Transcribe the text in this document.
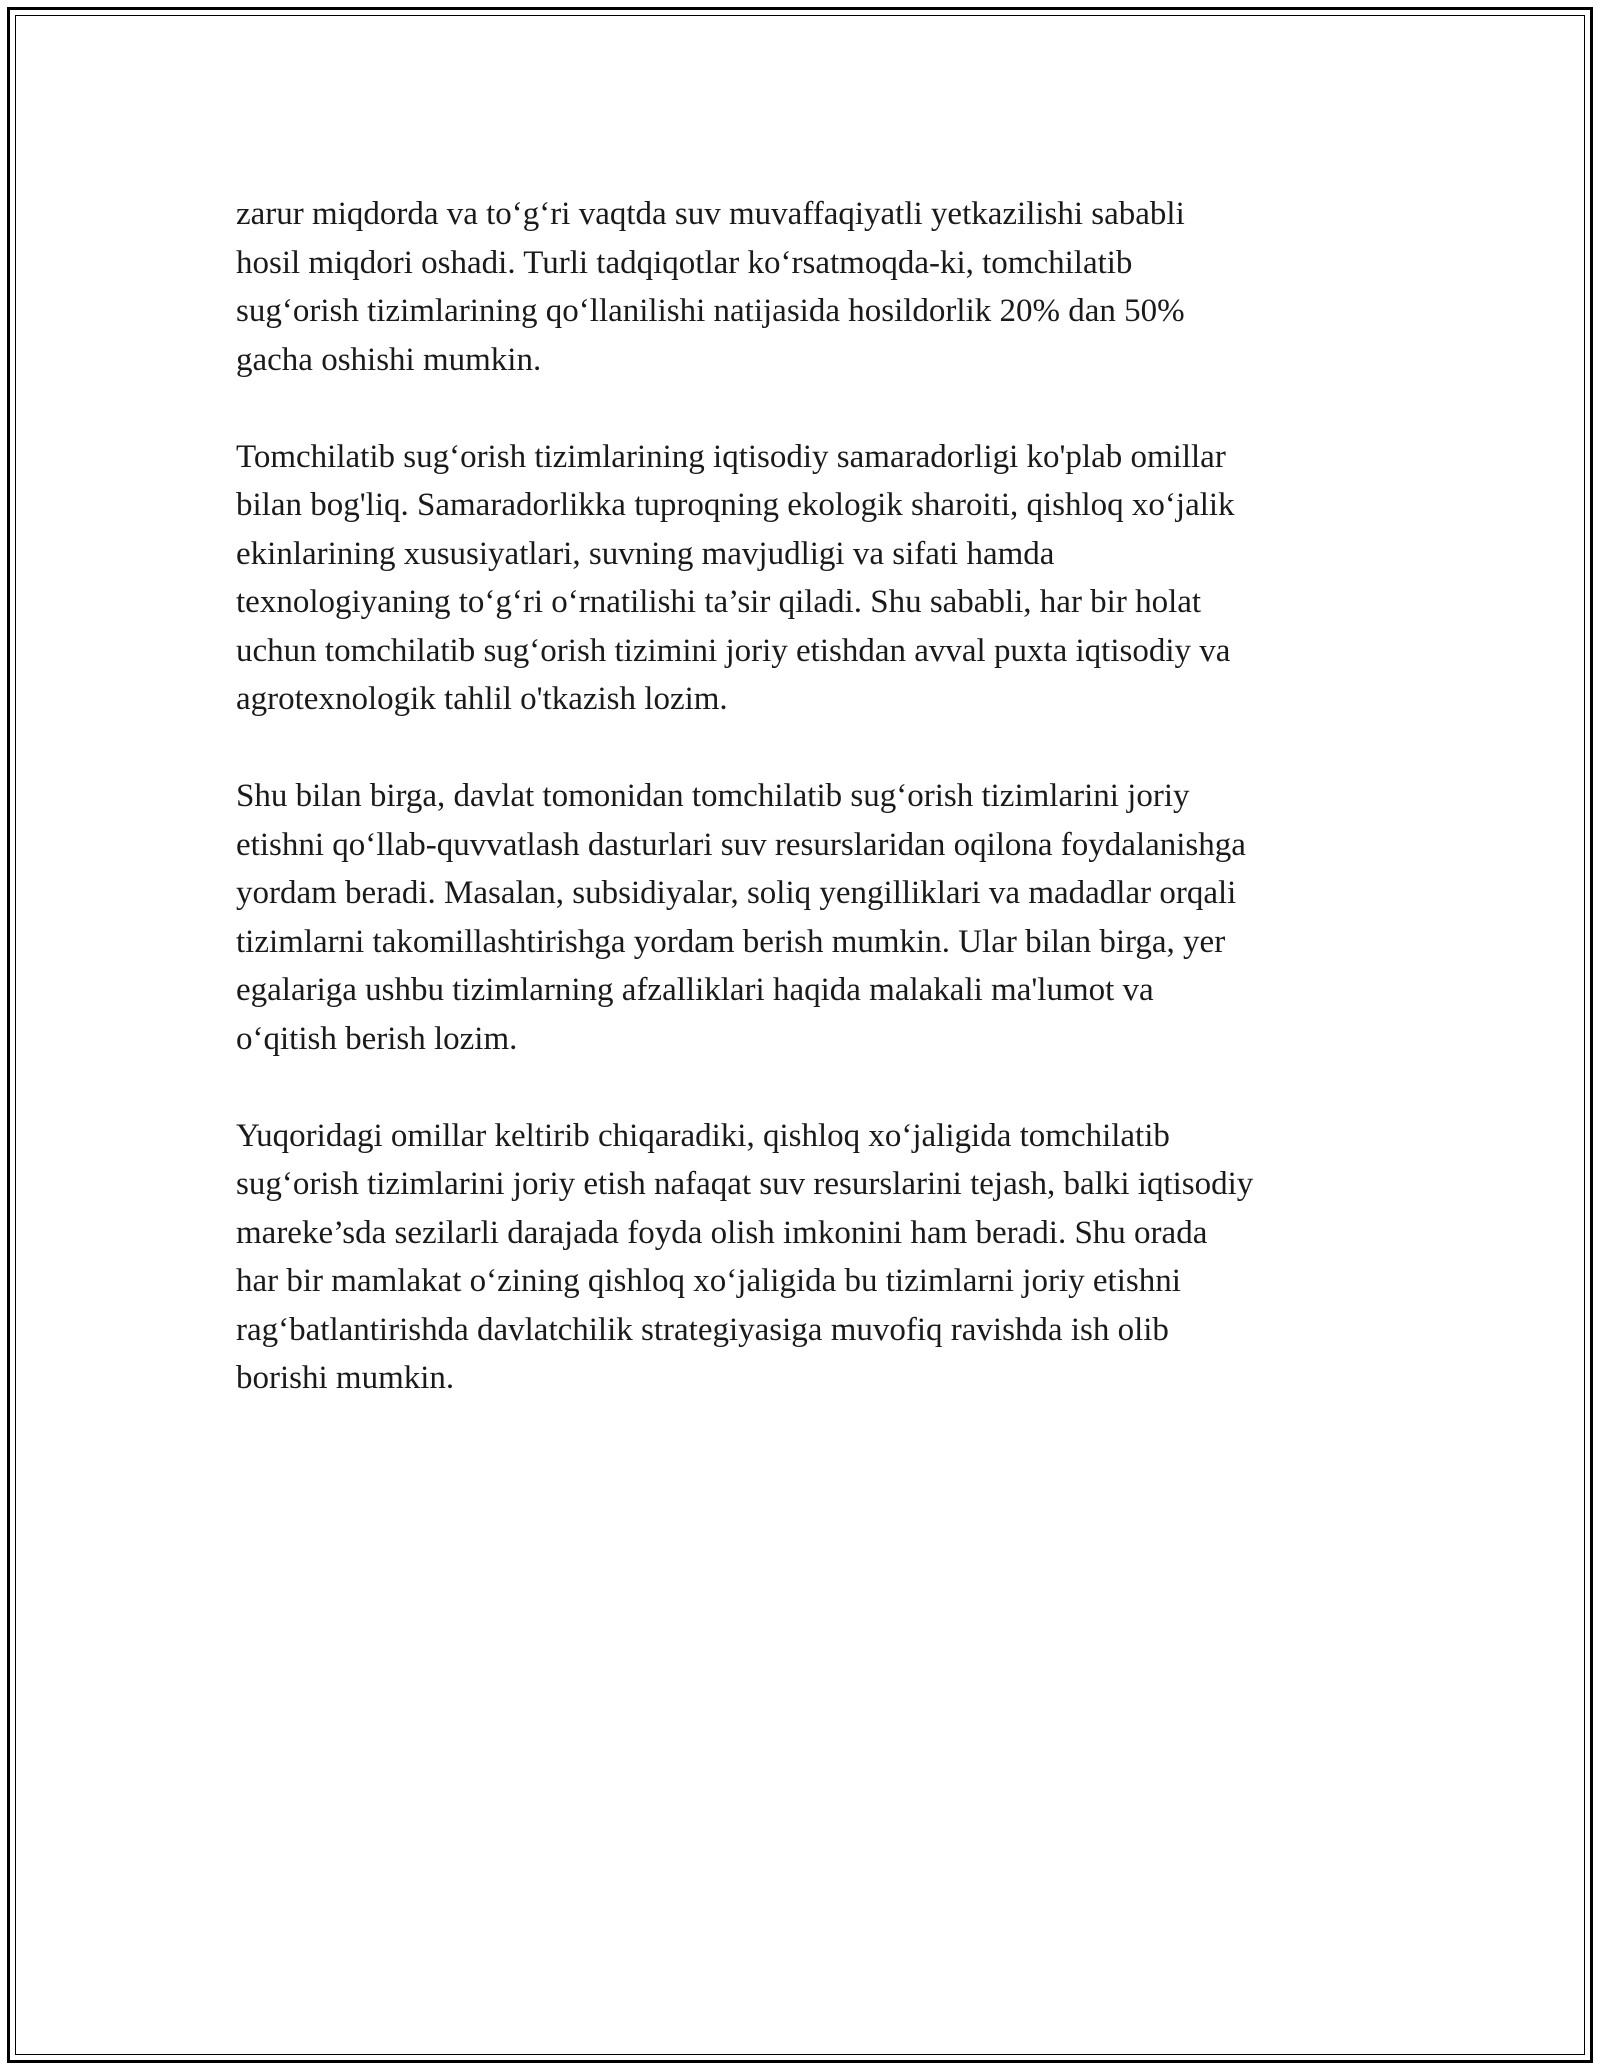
zarur miqdorda va to‘g‘ri vaqtda suv muvaffaqiyatli yetkazilishi sababli
hosil miqdori oshadi. Turli tadqiqotlar ko‘rsatmoqda-ki, tomchilatib
sug‘orish tizimlarining qo‘llanilishi natijasida hosildorlik 20% dan 50%
gacha oshishi mumkin.

Tomchilatib sug‘orish tizimlarining iqtisodiy samaradorligi ko'plab omillar
bilan bog'liq. Samaradorlikka tuproqning ekologik sharoiti, qishloq xo‘jalik
ekinlarining xususiyatlari, suvning mavjudligi va sifati hamda
texnologiyaning to‘g‘ri o‘rnatilishi ta’sir qiladi. Shu sababli, har bir holat
uchun tomchilatib sug‘orish tizimini joriy etishdan avval puxta iqtisodiy va
agrotexnologik tahlil o'tkazish lozim.

Shu bilan birga, davlat tomonidan tomchilatib sug‘orish tizimlarini joriy
etishni qo‘llab-quvvatlash dasturlari suv resurslaridan oqilona foydalanishga
yordam beradi. Masalan, subsidiyalar, soliq yengilliklari va madadlar orqali
tizimlarni takomillashtirishga yordam berish mumkin. Ular bilan birga, yer
egalariga ushbu tizimlarning afzalliklari haqida malakali ma'lumot va
o‘qitish berish lozim.

Yuqoridagi omillar keltirib chiqaradiki, qishloq xo‘jaligida tomchilatib
sug‘orish tizimlarini joriy etish nafaqat suv resurslarini tejash, balki iqtisodiy
mareke’sda sezilarli darajada foyda olish imkonini ham beradi. Shu orada
har bir mamlakat o‘zining qishloq xo‘jaligida bu tizimlarni joriy etishni
rag‘batlantirishda davlatchilik strategiyasiga muvofiq ravishda ish olib
borishi mumkin.
